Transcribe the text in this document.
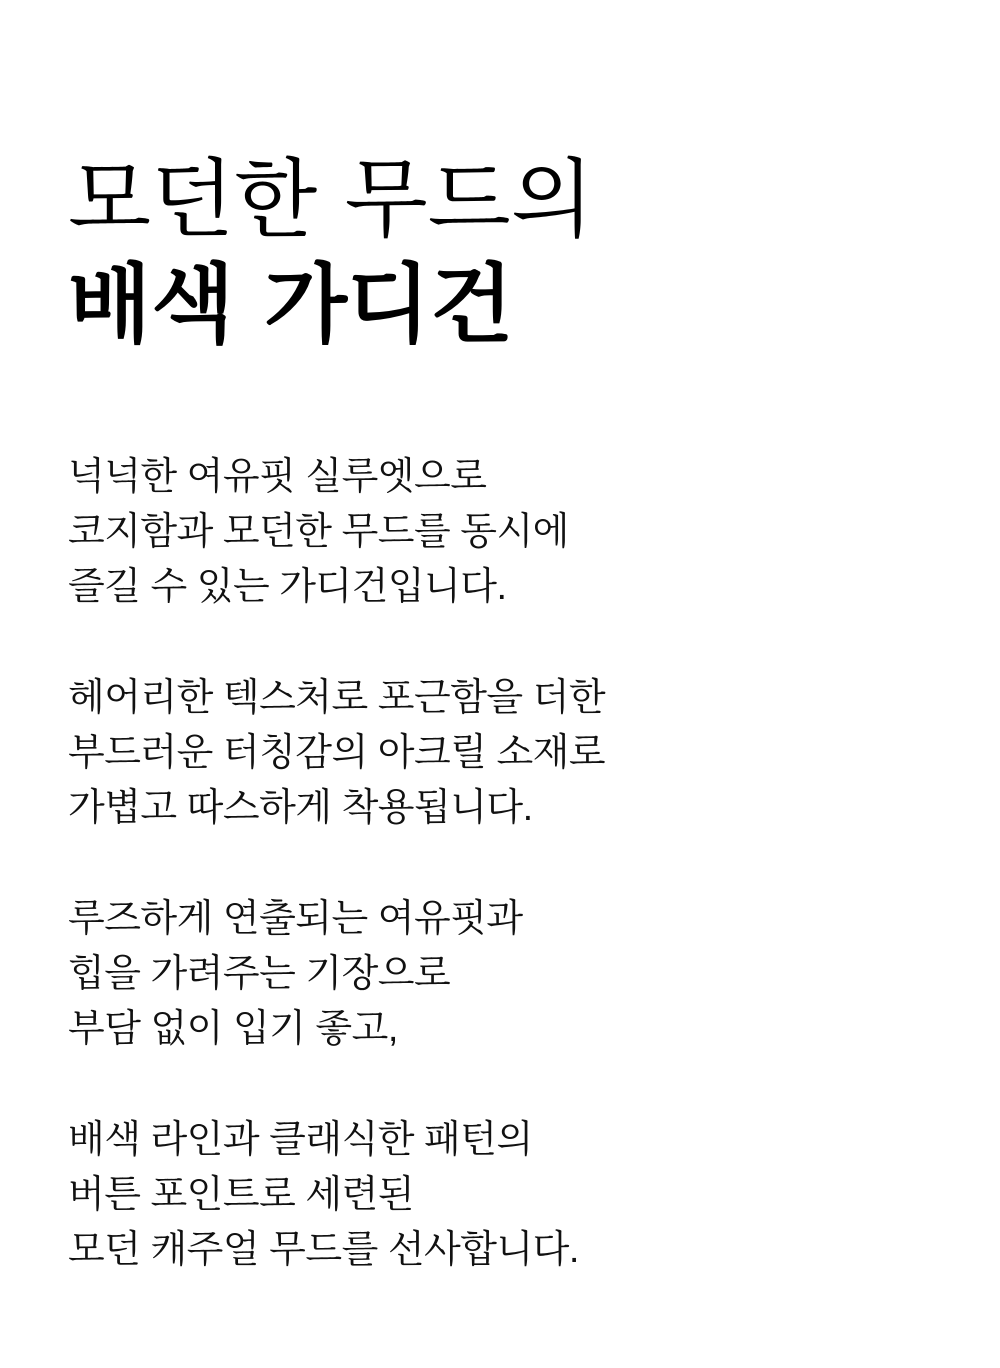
모던한 무드의
배색 가디건
넉넉한 여유핏 실루엣으로
코지함과 모던한 무드를 동시에
즐길 수 있는 가디건입니다.
헤어리한 텍스처로 포근함을 더한
부드러운 터칭감의 아크릴 소재로
가볍고 따스하게 착용됩니다.
루즈하게 연출되는 여유핏과
힙을 가려주는 기장으로
부담 없이 입기 좋고,
배색 라인과 클래식한 패턴의
버튼 포인트로 세련된
모던 캐주얼 무드를 선사합니다.
